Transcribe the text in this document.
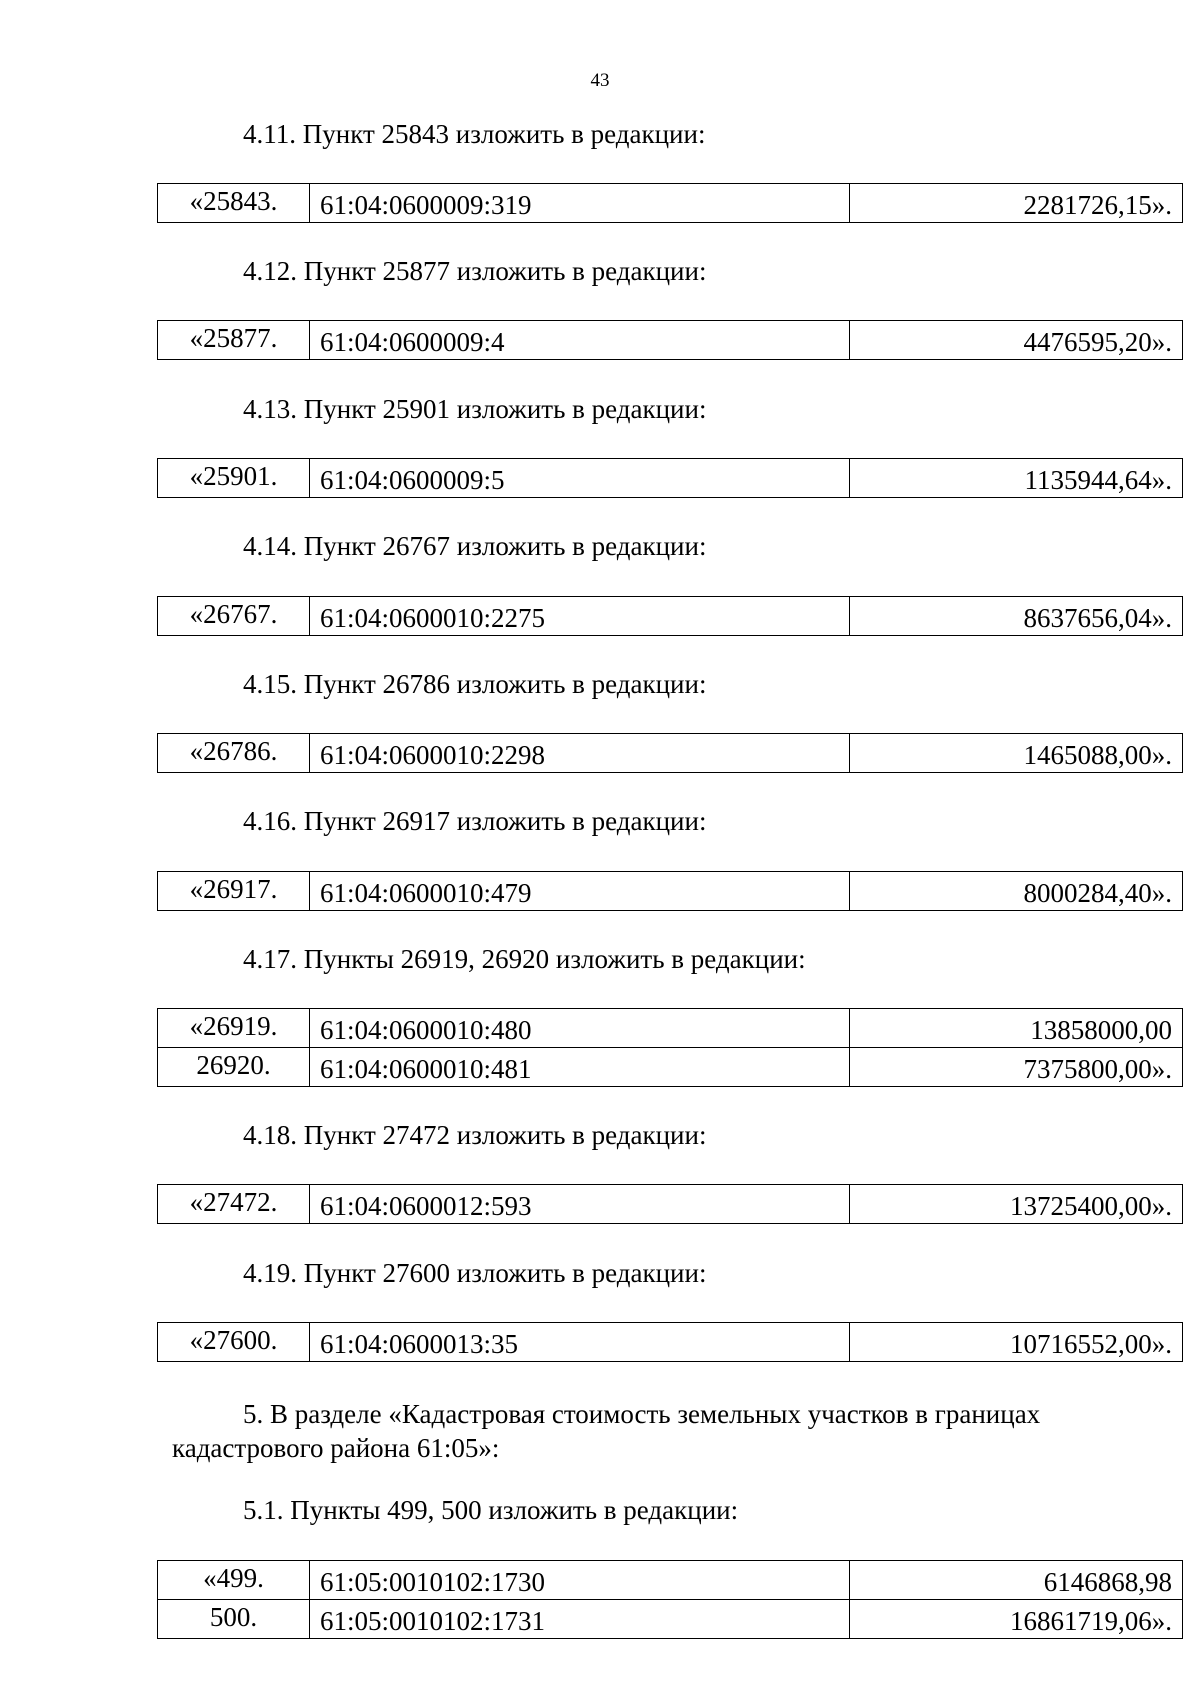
43
4.11. Пункт 25843 изложить в редакции:
«25843.	61:04:0600009:319	2281726,15».
4.12. Пункт 25877 изложить в редакции:
«25877.	61:04:0600009:4	4476595,20».
4.13. Пункт 25901 изложить в редакции:
«25901.	61:04:0600009:5	1135944,64».
4.14. Пункт 26767 изложить в редакции:
«26767.	61:04:0600010:2275	8637656,04».
4.15. Пункт 26786 изложить в редакции:
«26786.	61:04:0600010:2298	1465088,00».
4.16. Пункт 26917 изложить в редакции:
«26917.	61:04:0600010:479	8000284,40».
4.17. Пункты 26919, 26920 изложить в редакции:
«26919.	61:04:0600010:480	13858000,00
26920.	61:04:0600010:481	7375800,00».
4.18. Пункт 27472 изложить в редакции:
«27472.	61:04:0600012:593	13725400,00».
4.19. Пункт 27600 изложить в редакции:
«27600.	61:04:0600013:35	10716552,00».
5. В разделе «Кадастровая стоимость земельных участков в границах кадастрового района 61:05»:
5.1. Пункты 499, 500 изложить в редакции:
«499.	61:05:0010102:1730	6146868,98
500.	61:05:0010102:1731	16861719,06».
